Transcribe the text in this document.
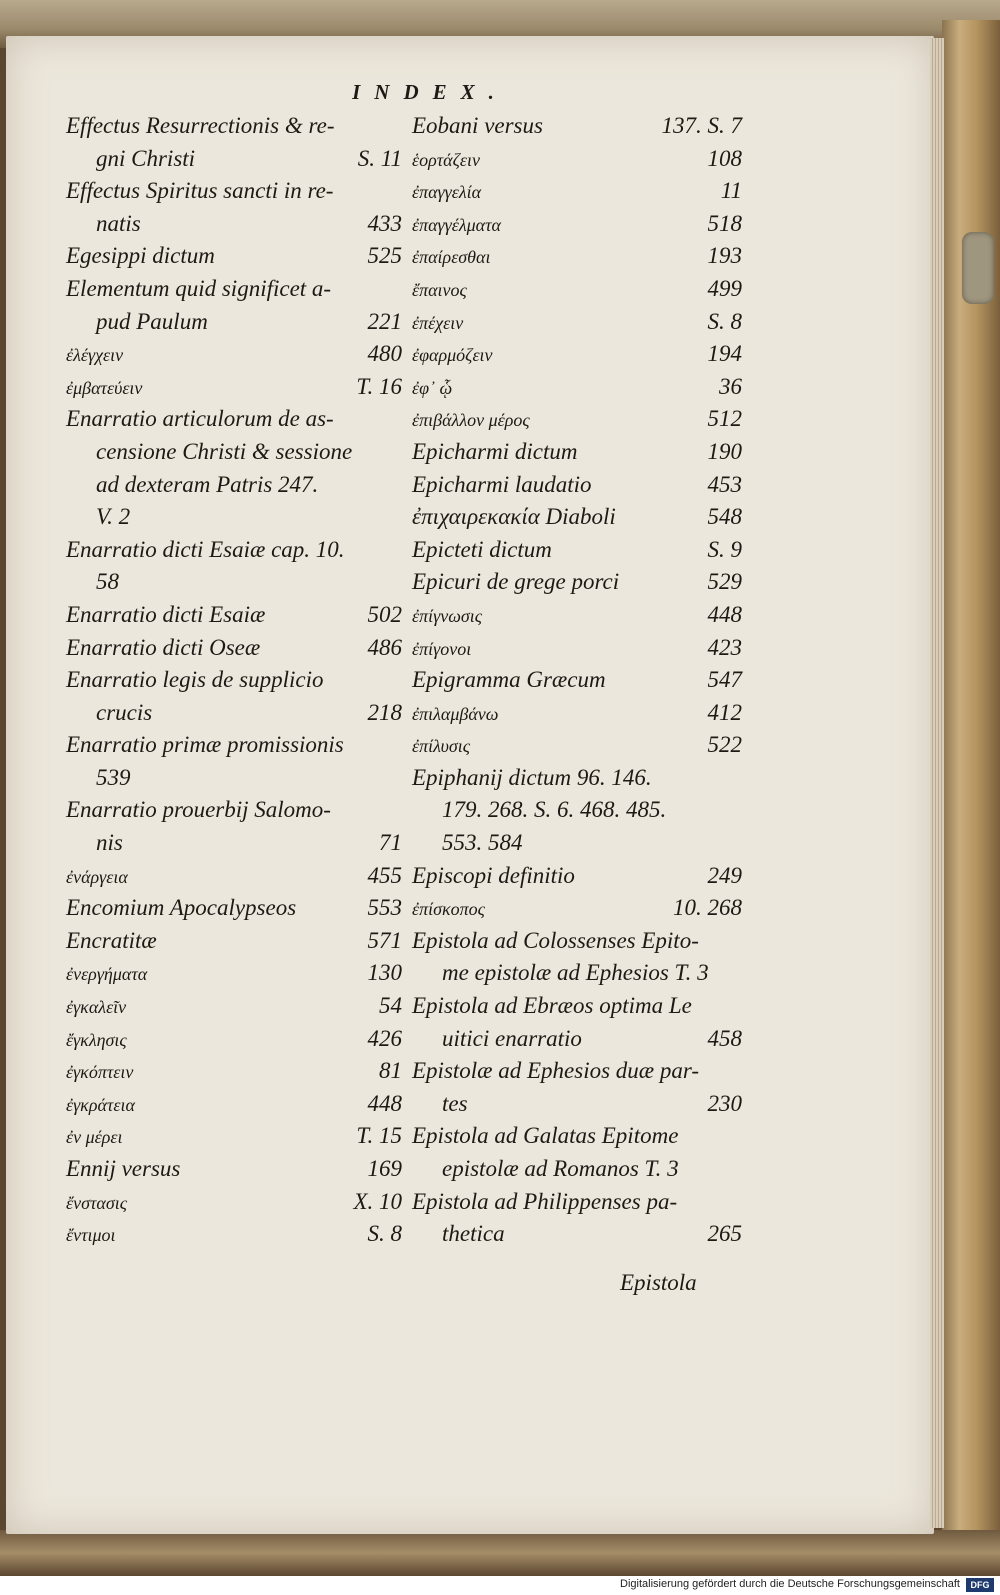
INDEX.
Effectus Resurrectionis & re-
gni Christi	S. 11
Effectus Spiritus sancti in re-
natis	433
Egesippi dictum	525
Elementum quid significet a-
pud Paulum	221
ἐλέγχειν	480
ἐμβατεύειν	T. 16
Enarratio articulorum de as-
censione Christi & sessione
ad dexteram Patris 247.
V. 2
Enarratio dicti Esaiæ cap. 10.
58
Enarratio dicti Esaiæ	502
Enarratio dicti Oseæ	486
Enarratio legis de supplicio
crucis	218
Enarratio primæ promissionis
539
Enarratio prouerbij Salomo-
nis	71
ἐνάργεια	455
Encomium Apocalypseos	553
Encratitæ	571
ἐνεργήματα	130
ἐγκαλεῖν	54
ἔγκλησις	426
ἐγκόπτειν	81
ἐγκράτεια	448
ἐν μέρει	T. 15
Ennij versus	169
ἔνστασις	X. 10
ἔντιμοι	S. 8
Eobani versus	137. S. 7
ἑορτάζειν	108
ἐπαγγελία	11
ἐπαγγέλματα	518
ἐπαίρεσθαι	193
ἔπαινος	499
ἐπέχειν	S. 8
ἐφαρμόζειν	194
ἐφ᾽ ᾧ	36
ἐπιβάλλον μέρος	512
Epicharmi dictum	190
Epicharmi laudatio	453
ἐπιχαιρεκακία Diaboli	548
Epicteti dictum	S. 9
Epicuri de grege porci	529
ἐπίγνωσις	448
ἐπίγονοι	423
Epigramma Græcum	547
ἐπιλαμβάνω	412
ἐπίλυσις	522
Epiphanij dictum 96. 146.
179. 268. S. 6. 468. 485.
553. 584
Episcopi definitio	249
ἐπίσκοπος	10. 268
Epistola ad Colossenses Epito-
me epistolæ ad Ephesios T. 3
Epistola ad Ebræos optima Le
uitici enarratio	458
Epistolæ ad Ephesios duæ par-
tes	230
Epistola ad Galatas Epitome
epistolæ ad Romanos T. 3
Epistola ad Philippenses pa-
thetica	265
Epistola
Digitalisierung gefördert durch die Deutsche Forschungsgemeinschaft	DFG
